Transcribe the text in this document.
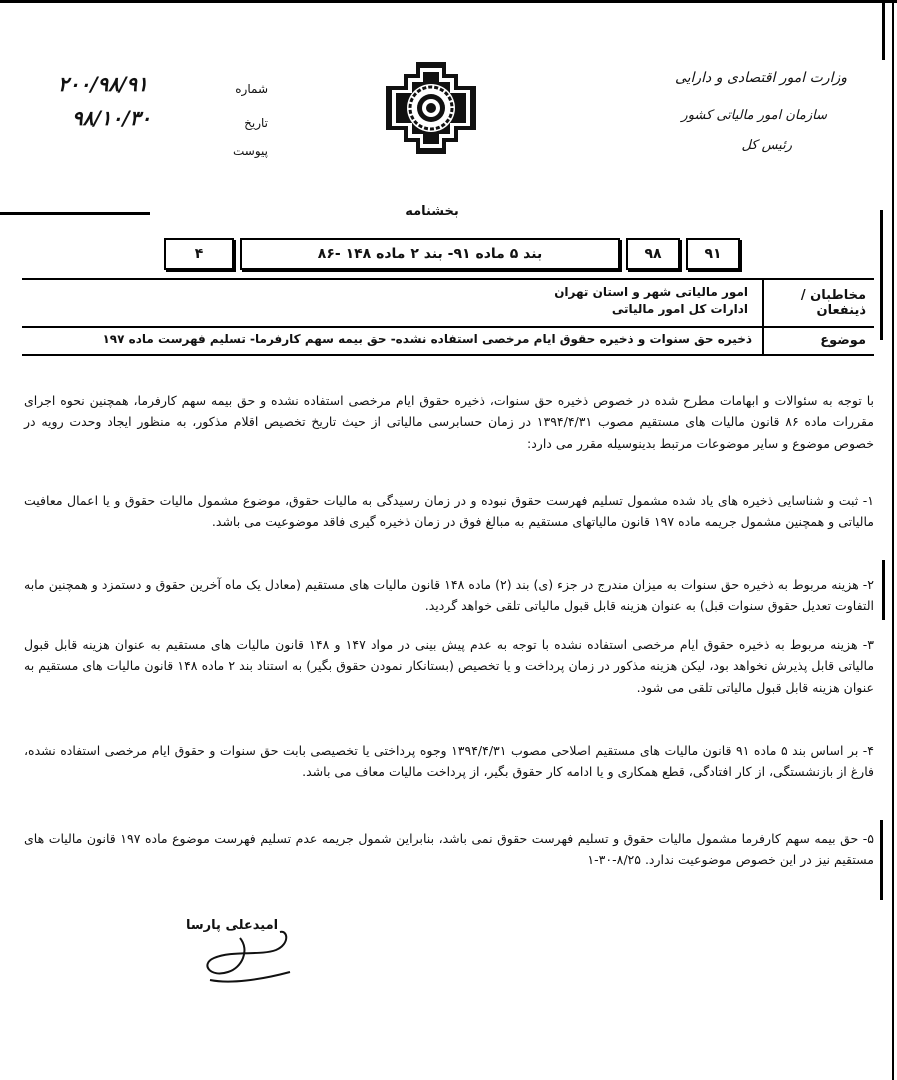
وزارت امور اقتصادی و دارایی
سازمان امور مالیاتی کشور
رئیس کل
شماره
۲۰۰/۹۸/۹۱
تاریخ
۹۸/۱۰/۳۰
پیوست
بخشنامه
۴	۸۶- بند ۵ ماده ۹۱- بند ۲ ماده ۱۴۸	۹۸	۹۱
مخاطبان / ذینفعان
امور مالیاتی شهر و استان تهران
ادارات کل امور مالیاتی
موضوع
ذخیره حق سنوات و ذخیره حقوق ایام مرخصی استفاده نشده- حق بیمه سهم کارفرما- تسلیم فهرست ماده ۱۹۷

با توجه به سئوالات و ابهامات مطرح شده در خصوص ذخیره حق سنوات، ذخیره حقوق ایام مرخصی استفاده نشده و حق بیمه سهم کارفرما، همچنین نحوه اجرای مقررات ماده ۸۶ قانون مالیات های مستقیم مصوب ۱۳۹۴/۴/۳۱ در زمان حسابرسی مالیاتی از حیث تاریخ تخصیص اقلام مذکور، به منظور ایجاد وحدت رویه در خصوص موضوع و سایر موضوعات مرتبط بدینوسیله مقرر می دارد:

۱- ثبت و شناسایی ذخیره های یاد شده مشمول تسلیم فهرست حقوق نبوده و در زمان رسیدگی به مالیات حقوق، موضوع مشمول مالیات حقوق و یا اعمال معافیت مالیاتی و همچنین مشمول جریمه ماده ۱۹۷ قانون مالیاتهای مستقیم به مبالغ فوق در زمان ذخیره گیری فاقد موضوعیت می باشد.

۲- هزینه مربوط به ذخیره حق سنوات به میزان مندرج در جزء (ی) بند (۲) ماده ۱۴۸ قانون مالیات های مستقیم (معادل یک ماه آخرین حقوق و دستمزد و همچنین مابه التفاوت تعدیل حقوق سنوات قبل) به عنوان هزینه قابل قبول مالیاتی تلقی خواهد گردید.

۳- هزینه مربوط به ذخیره حقوق ایام مرخصی استفاده نشده با توجه به عدم پیش بینی در مواد ۱۴۷ و ۱۴۸ قانون مالیات های مستقیم به عنوان هزینه قابل قبول مالیاتی قابل پذیرش نخواهد بود، لیکن هزینه مذکور در زمان پرداخت و یا تخصیص (بستانکار نمودن حقوق بگیر) به استناد بند ۲ ماده ۱۴۸ قانون مالیات های مستقیم به عنوان هزینه قابل قبول مالیاتی تلقی می شود.

۴- بر اساس بند ۵ ماده ۹۱ قانون مالیات های مستقیم اصلاحی مصوب ۱۳۹۴/۴/۳۱ وجوه پرداختی یا تخصیصی بابت حق سنوات و حقوق ایام مرخصی استفاده نشده، فارغ از بازنشستگی، از کار افتادگی، قطع همکاری و یا ادامه کار حقوق بگیر، از پرداخت مالیات معاف می باشد.

۵- حق بیمه سهم کارفرما مشمول مالیات حقوق و تسلیم فهرست حقوق نمی باشد، بنابراین شمول جریمه عدم تسلیم فهرست موضوع ماده ۱۹۷ قانون مالیات های مستقیم نیز در این خصوص موضوعیت ندارد. ۸/۲۵-۳۰-۱

امیدعلی پارسا
